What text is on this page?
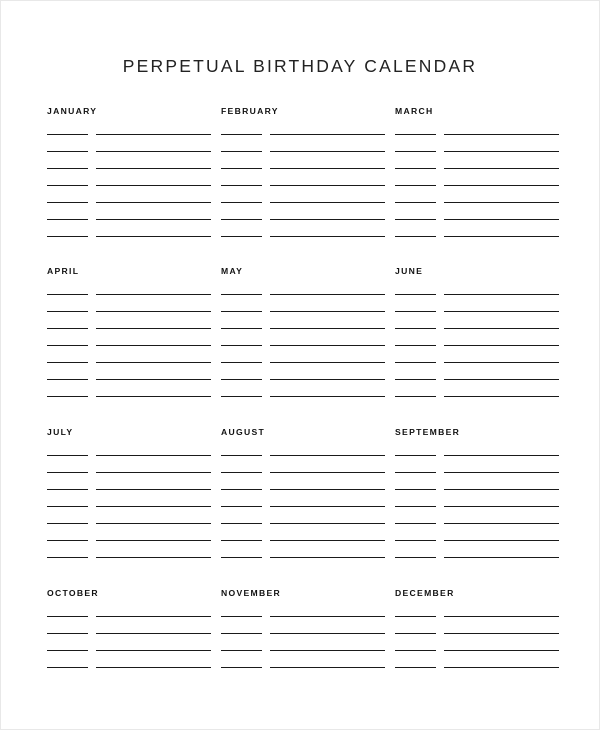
PERPETUAL BIRTHDAY CALENDAR
JANUARY	FEBRUARY	MARCH
APRIL	MAY	JUNE
JULY	AUGUST	SEPTEMBER
OCTOBER	NOVEMBER	DECEMBER
